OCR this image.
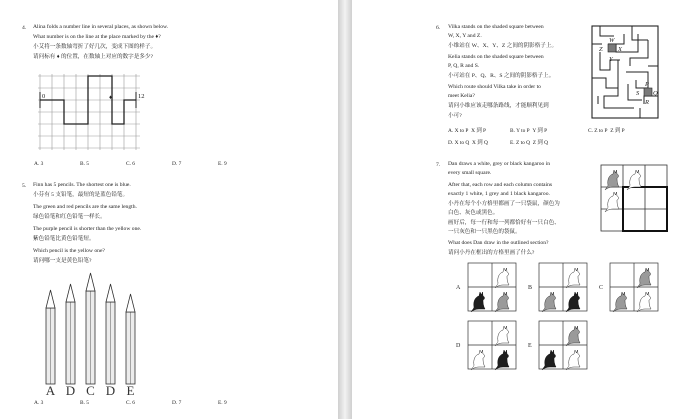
4. Alina folds a number line in several places, as shown below.
What number is on the line at the place marked by the ♦?
小艾将一条数轴弯折了好几次，变成下图的样子。
请问标有 ♦ 的位置，在数轴上对应的数字是多少?
0	12
♦
A. 3	B. 5	C. 6	D. 7	E. 9
5. Finn has 5 pencils. The shortest one is blue.
小芬有 5 支铅笔，最短的是蓝色铅笔。
The green and red pencils are the same length.
绿色铅笔和红色铅笔一样长。
The purple pencil is shorter than the yellow one.
紫色铅笔比黄色铅笔短。
Which pencil is the yellow one?
请问哪一支是黄色铅笔?
A D C D E
A. 3	B. 5	C. 6	D. 7	E. 9
6. Vilka stands on the shaded square between
W, X, Y and Z.
小维站在 W、X、Y、Z 之间的阴影格子上。
Kelia stands on the shaded square between
P, Q, R and S.
小可站在 P、Q、R、S 之间的阴影格子上。
Which route should Vilka take in order to
meet Kelia?
请问小维应该走哪条路线，才能顺利见到
小可?
W
X
Y
Z
P
Q
R
S
A. X to P X 到 P	B. Y to P Y 到 P	C. Z to P Z 到 P
D. X to Q X 到 Q	E. Z to Q Z 到 Q
7. Dan draws a white, grey or black kangaroo in
every small square.
After that, each row and each column contains
exactly 1 white, 1 grey and 1 black kangaroo.
小丹在每个小方格里都画了一只袋鼠，颜色为
白色、灰色或黑色。
画好后，每一行和每一列都恰好有一只白色、
一只灰色和一只黑色的袋鼠。
What does Dan draw in the outlined section?
请问小丹在框出的方格里画了什么?
A	B	C
D	E
